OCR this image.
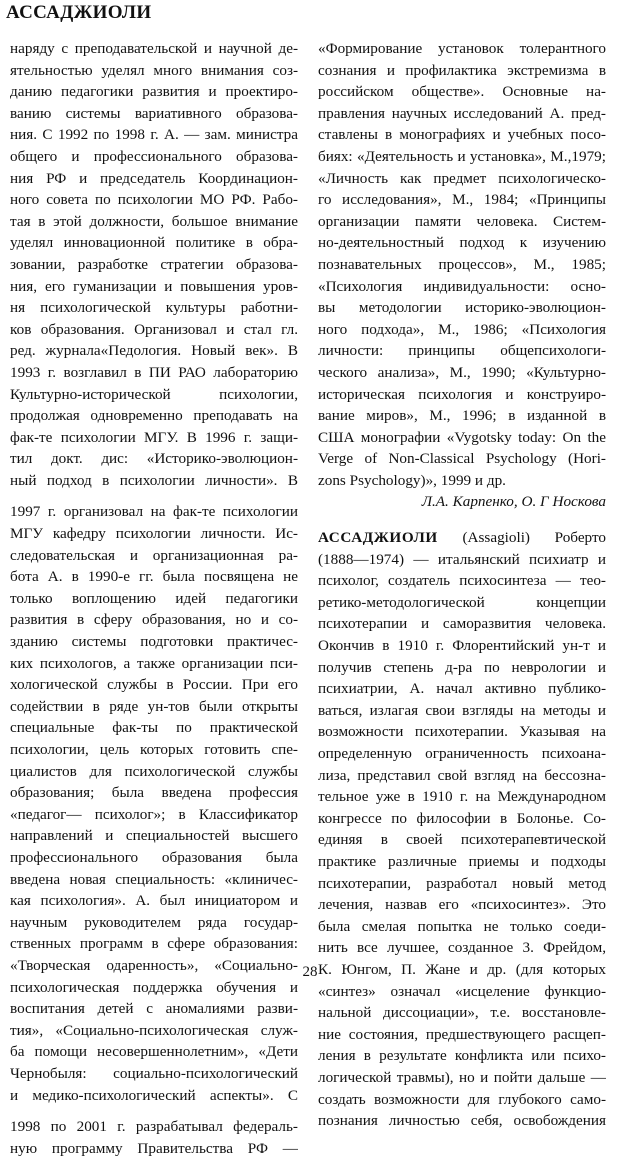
АССАДЖИОЛИ
наряду с преподавательской и научной де-
ятельностью уделял много внимания соз-
данию педагогики развития и проектиро-
ванию системы вариативного образова-
ния. С 1992 по 1998 г. А. — зам. министра
общего и профессионального образова-
ния РФ и председатель Координацион-
ного совета по психологии МО РФ. Рабо-
тая в этой должности, большое внимание
уделял инновационной политике в обра-
зовании, разработке стратегии образова-
ния, его гуманизации и повышения уров-
ня психологической культуры работни-
ков образования. Организовал и стал гл.
ред. журнала«Педология. Новый век». В
1993 г. возглавил в ПИ РАО лабораторию
Культурно-исторической психологии,
продолжая одновременно преподавать на
фак-те психологии МГУ. В 1996 г. защи-
тил докт. дис: «Историко-эволюцион-
ный подход в психологии личности». В
1997 г. организовал на фак-те психологии
МГУ кафедру психологии личности. Ис-
следовательская и организационная ра-
бота А. в 1990-е гг. была посвящена не
только воплощению идей педагогики
развития в сферу образования, но и со-
зданию системы подготовки практичес-
ких психологов, а также организации пси-
хологической службы в России. При его
содействии в ряде ун-тов были открыты
специальные фак-ты по практической
психологии, цель которых готовить спе-
циалистов для психологической службы
образования; была введена профессия
«педагог— психолог»; в Классификатор
направлений и специальностей высшего
профессионального образования была
введена новая специальность: «клиничес-
кая психология». А. был инициатором и
научным руководителем ряда государ-
ственных программ в сфере образования:
«Творческая одаренность», «Социально-
психологическая поддержка обучения и
воспитания детей с аномалиями разви-
тия», «Социально-психологическая служ-
ба помощи несовершеннолетним», «Дети
Чернобыля: социально-психологический
и медико-психологический аспекты». С
1998 по 2001 г. разрабатывал федераль-
ную программу Правительства РФ —
«Формирование установок толерантного
сознания и профилактика экстремизма в
российском обществе». Основные на-
правления научных исследований А. пред-
ставлены в монографиях и учебных посо-
биях: «Деятельность и установка», М.,1979;
«Личность как предмет психологическо-
го исследования», М., 1984; «Принципы
организации памяти человека. Систем-
но-деятельностный подход к изучению
познавательных процессов», М., 1985;
«Психология индивидуальности: осно-
вы методологии историко-эволюцион-
ного подхода», М., 1986; «Психология
личности: принципы общепсихологи-
ческого анализа», М., 1990; «Культурно-
историческая психология и конструиро-
вание миров», М., 1996; в изданной в
США монографии «Vygotsky today: On the
Verge of Non-Classical Psychology (Hori-
zons Psychology)», 1999 и др.
Л.А. Карпенко, О. Г Носкова
АССАДЖИОЛИ (Assagioli) Роберто
(1888—1974) — итальянский психиатр и
психолог, создатель психосинтеза — тео-
ретико-методологической концепции
психотерапии и саморазвития человека.
Окончив в 1910 г. Флорентийский ун-т и
получив степень д-ра по неврологии и
психиатрии, А. начал активно публико-
ваться, излагая свои взгляды на методы и
возможности психотерапии. Указывая на
определенную ограниченность психоана-
лиза, представил свой взгляд на бессозна-
тельное уже в 1910 г. на Международном
конгрессе по философии в Болонье. Со-
единяя в своей психотерапевтической
практике различные приемы и подходы
психотерапии, разработал новый метод
лечения, назвав его «психосинтез». Это
была смелая попытка не только соеди-
нить все лучшее, созданное 3. Фрейдом,
К. Юнгом, П. Жане и др. (для которых
«синтез» означал «исцеление функцио-
нальной диссоциации», т.е. восстановле-
ние состояния, предшествующего расщеп-
ления в результате конфликта или психо-
логической травмы), но и пойти дальше —
создать возможности для глубокого само-
познания личностью себя, освобождения
28
